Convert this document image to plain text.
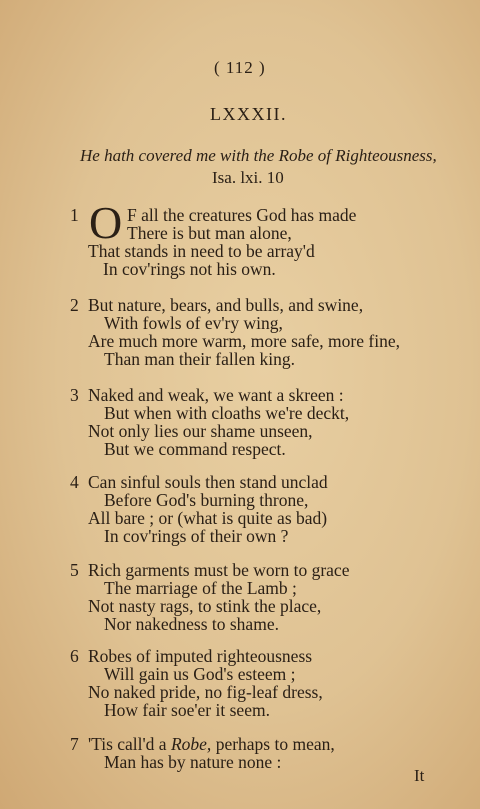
( 112 )
LXXXII.
He hath covered me with the Robe of Righteousness,
Isa. lxi. 10
1	F all the creatures God has made
There is but man alone,
That stands in need to be array'd
In cov'rings not his own.
O
2 But nature, bears, and bulls, and swine,
With fowls of ev'ry wing,
Are much more warm, more safe, more fine,
Than man their fallen king.
3 Naked and weak, we want a skreen :
But when with cloaths we're deckt,
Not only lies our shame unseen,
But we command respect.
4 Can sinful souls then stand unclad
Before God's burning throne,
All bare ; or (what is quite as bad)
In cov'rings of their own ?
5 Rich garments must be worn to grace
The marriage of the Lamb ;
Not nasty rags, to stink the place,
Nor nakedness to shame.
6 Robes of imputed righteousness
Will gain us God's esteem ;
No naked pride, no fig-leaf dress,
How fair soe'er it seem.
7 'Tis call'd a Robe, perhaps to mean,
Man has by nature none :
It
